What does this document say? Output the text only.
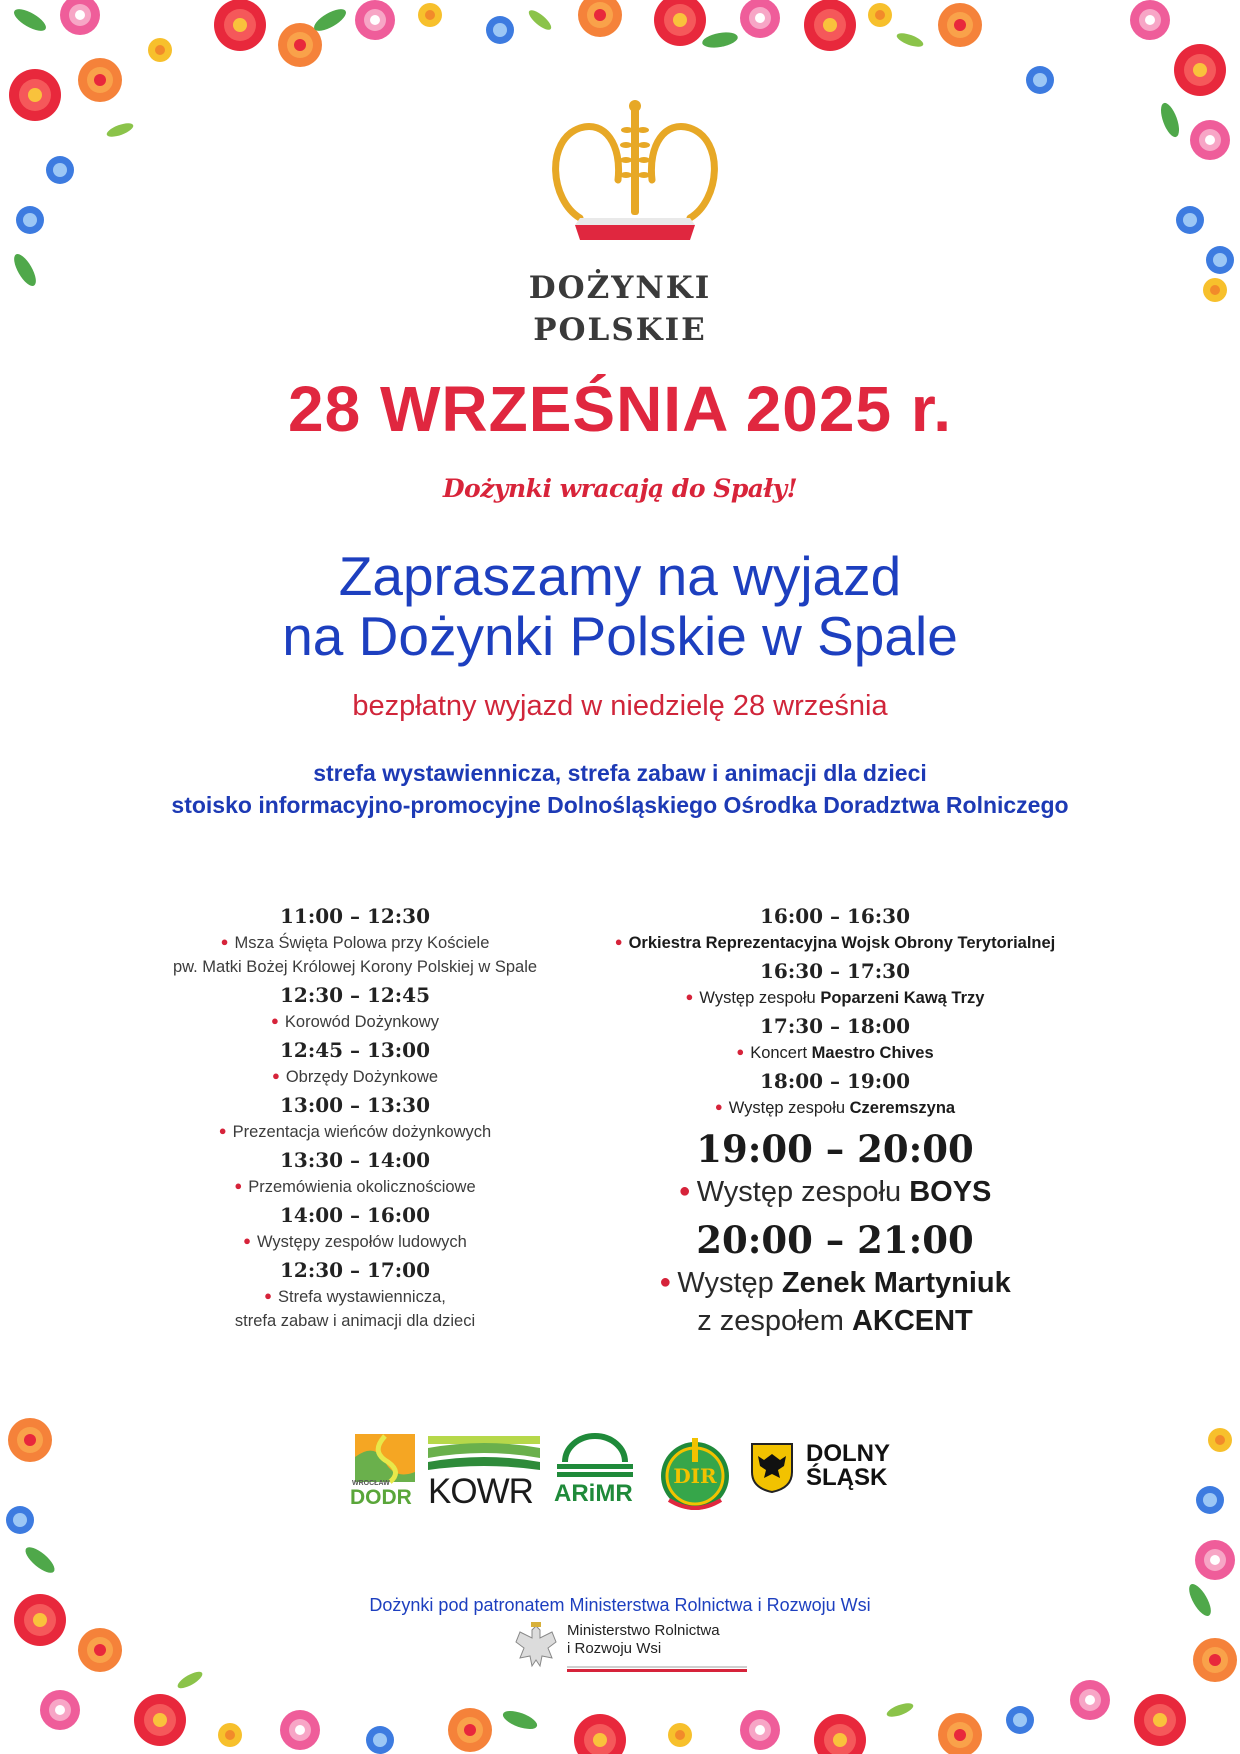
DOŻYNKI
POLSKIE
28 WRZEŚNIA 2025 r.
Dożynki wracają do Spały!
Zapraszamy na wyjazd
na Dożynki Polskie w Spale
bezpłatny wyjazd w niedzielę 28 września
strefa wystawiennicza, strefa zabaw i animacji dla dzieci
stoisko informacyjno-promocyjne Dolnośląskiego Ośrodka Doradztwa Rolniczego
11:00 – 12:30
● Msza Święta Polowa przy Kościele
pw. Matki Bożej Królowej Korony Polskiej w Spale
12:30 – 12:45
● Korowód Dożynkowy
12:45 – 13:00
● Obrzędy Dożynkowe
13:00 – 13:30
● Prezentacja wieńców dożynkowych
13:30 – 14:00
● Przemówienia okolicznościowe
14:00 – 16:00
● Występy zespołów ludowych
12:30 – 17:00
● Strefa wystawiennicza,
strefa zabaw i animacji dla dzieci
16:00 – 16:30
● Orkiestra Reprezentacyjna Wojsk Obrony Terytorialnej
16:30 – 17:30
● Występ zespołu Poparzeni Kawą Trzy
17:30 – 18:00
● Koncert Maestro Chives
18:00 – 19:00
● Występ zespołu Czeremszyna
19:00 – 20:00
● Występ zespołu BOYS
20:00 – 21:00
● Występ Zenek Martyniuk
z zespołem AKCENT
WROCŁAW
DODR KOWR ARiMR
DIR
DOLNY
ŚLĄSK
Dożynki pod patronatem Ministerstwa Rolnictwa i Rozwoju Wsi
Ministerstwo Rolnictwa
i Rozwoju Wsi
